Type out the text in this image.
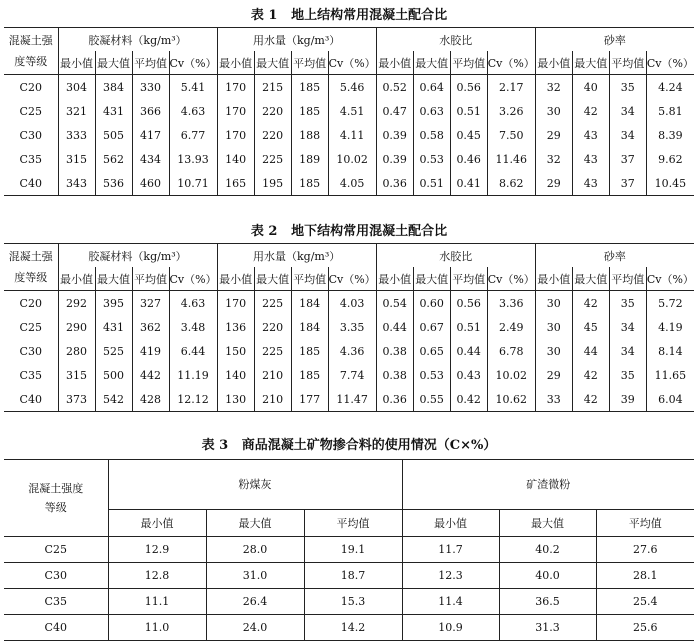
表 1 地上结构常用混凝土配合比
混凝土强
度等级	胶凝材料（kg/m³）				用水量（kg/m³）				水胶比				砂率			
	最小值	最大值	平均值	Cv（%）	最小值	最大值	平均值	Cv（%）	最小值	最大值	平均值	Cv（%）	最小值	最大值	平均值	Cv（%）
C20	304	384	330	5.41	170	215	185	5.46	0.52	0.64	0.56	2.17	32	40	35	4.24
C25	321	431	366	4.63	170	220	185	4.51	0.47	0.63	0.51	3.26	30	42	34	5.81
C30	333	505	417	6.77	170	220	188	4.11	0.39	0.58	0.45	7.50	29	43	34	8.39
C35	315	562	434	13.93	140	225	189	10.02	0.39	0.53	0.46	11.46	32	43	37	9.62
C40	343	536	460	10.71	165	195	185	4.05	0.36	0.51	0.41	8.62	29	43	37	10.45
表 2 地下结构常用混凝土配合比
混凝土强
度等级	胶凝材料（kg/m³）				用水量（kg/m³）				水胶比				砂率			
	最小值	最大值	平均值	Cv（%）	最小值	最大值	平均值	Cv（%）	最小值	最大值	平均值	Cv（%）	最小值	最大值	平均值	Cv（%）
C20	292	395	327	4.63	170	225	184	4.03	0.54	0.60	0.56	3.36	30	42	35	5.72
C25	290	431	362	3.48	136	220	184	3.35	0.44	0.67	0.51	2.49	30	45	34	4.19
C30	280	525	419	6.44	150	225	185	4.36	0.38	0.65	0.44	6.78	30	44	34	8.14
C35	315	500	442	11.19	140	210	185	7.74	0.38	0.53	0.43	10.02	29	42	35	11.65
C40	373	542	428	12.12	130	210	177	11.47	0.36	0.55	0.42	10.62	33	42	39	6.04
表 3 商品混凝土矿物掺合料的使用情况（C×%）
混凝土强度
等级	粉煤灰			矿渣微粉		
	最小值	最大值	平均值	最小值	最大值	平均值
C25	12.9	28.0	19.1	11.7	40.2	27.6
C30	12.8	31.0	18.7	12.3	40.0	28.1
C35	11.1	26.4	15.3	11.4	36.5	25.4
C40	11.0	24.0	14.2	10.9	31.3	25.6
